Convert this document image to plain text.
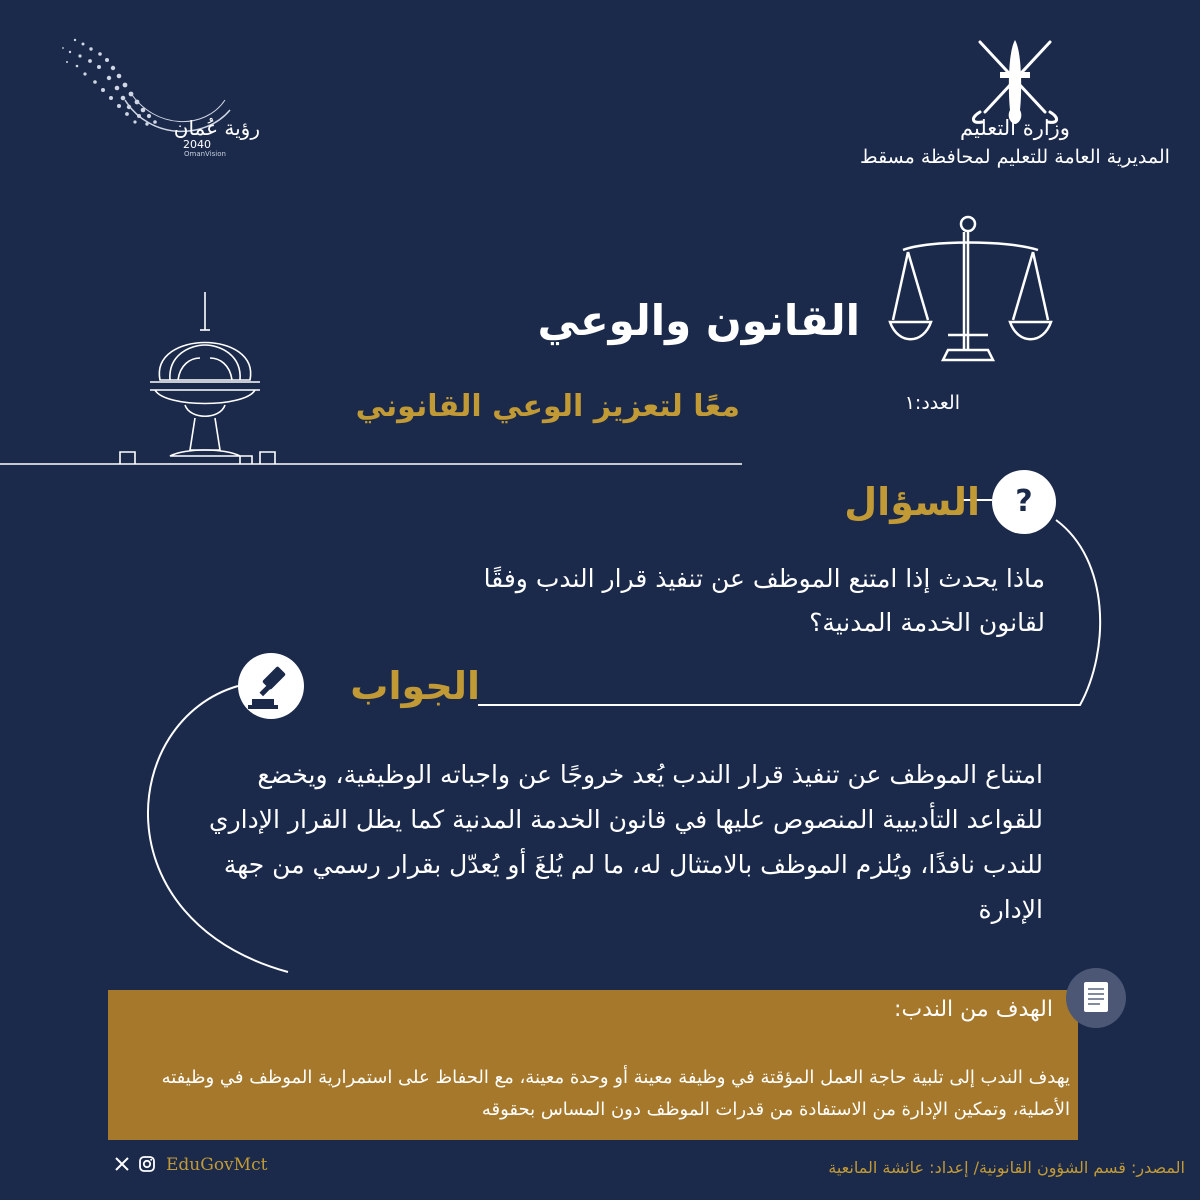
رؤية عُمان
2040
OmanVision
وزارة التعليم
المديرية العامة للتعليم لمحافظة مسقط
القانون والوعي
العدد:١
معًا لتعزيز الوعي القانوني
?
السؤال
ماذا يحدث إذا امتنع الموظف عن تنفيذ قرار الندب وفقًا لقانون الخدمة المدنية؟
الجواب
امتناع الموظف عن تنفيذ قرار الندب يُعد خروجًا عن واجباته الوظيفية، ويخضع للقواعد التأديبية المنصوص عليها في قانون الخدمة المدنية كما يظل القرار الإداري للندب نافذًا، ويُلزم الموظف بالامتثال له، ما لم يُلغَ أو يُعدّل بقرار رسمي من جهة الإدارة
الهدف من الندب:
يهدف الندب إلى تلبية حاجة العمل المؤقتة في وظيفة معينة أو وحدة معينة، مع الحفاظ على استمرارية الموظف في وظيفته الأصلية، وتمكين الإدارة من الاستفادة من قدرات الموظف دون المساس بحقوقه
EduGovMct	المصدر: قسم الشؤون القانونية/ إعداد: عائشة المانعية
